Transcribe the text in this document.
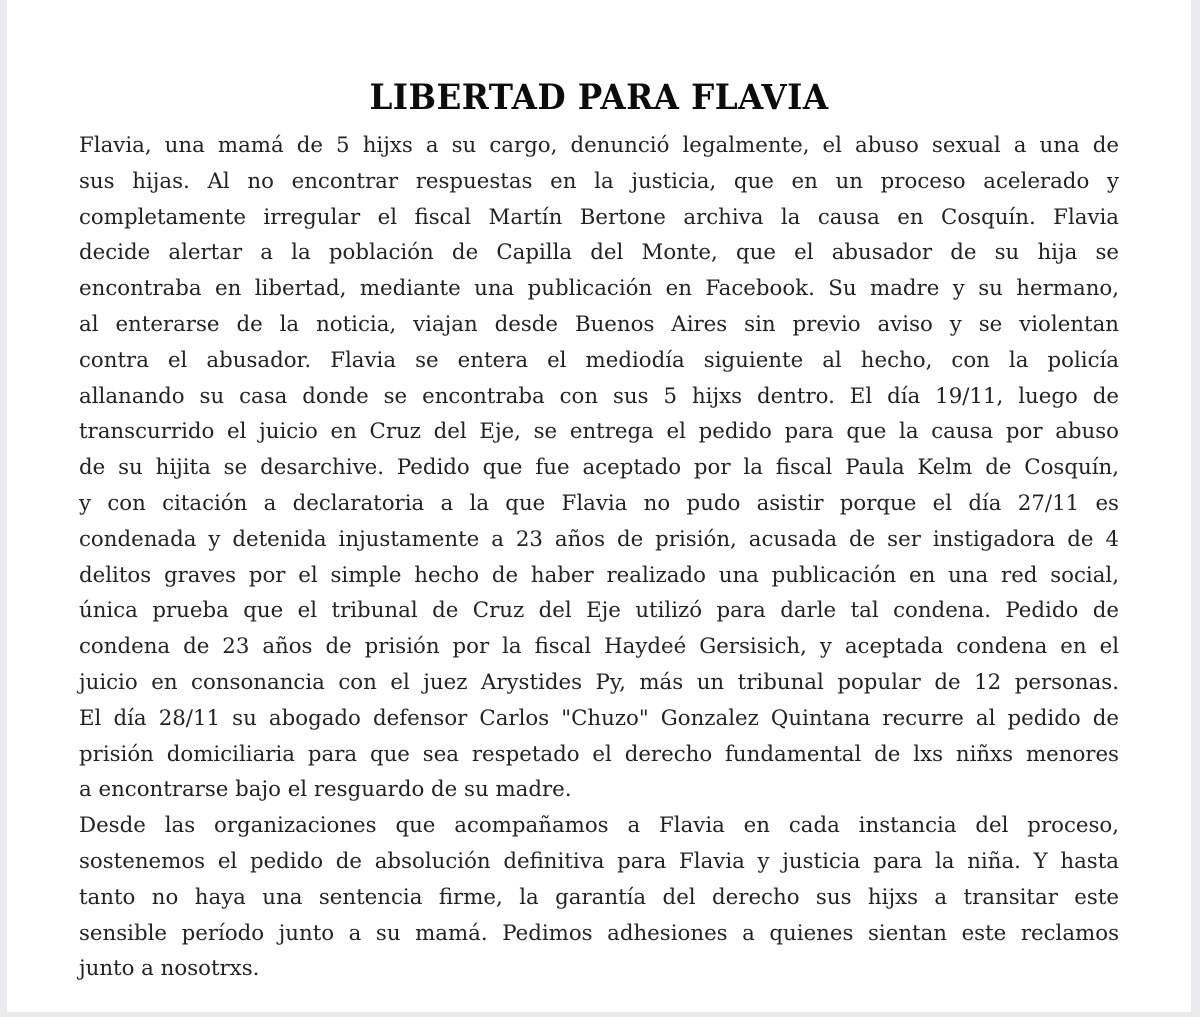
LIBERTAD PARA FLAVIA
Flavia, una mamá de 5 hijxs a su cargo, denunció legalmente, el abuso sexual a una de
sus hijas. Al no encontrar respuestas en la justicia, que en un proceso acelerado y
completamente irregular el fiscal Martín Bertone archiva la causa en Cosquín. Flavia
decide alertar a la población de Capilla del Monte, que el abusador de su hija se
encontraba en libertad, mediante una publicación en Facebook. Su madre y su hermano,
al enterarse de la noticia, viajan desde Buenos Aires sin previo aviso y se violentan
contra el abusador. Flavia se entera el mediodía siguiente al hecho, con la policía
allanando su casa donde se encontraba con sus 5 hijxs dentro. El día 19/11, luego de
transcurrido el juicio en Cruz del Eje, se entrega el pedido para que la causa por abuso
de su hijita se desarchive. Pedido que fue aceptado por la fiscal Paula Kelm de Cosquín,
y con citación a declaratoria a la que Flavia no pudo asistir porque el día 27/11 es
condenada y detenida injustamente a 23 años de prisión, acusada de ser instigadora de 4
delitos graves por el simple hecho de haber realizado una publicación en una red social,
única prueba que el tribunal de Cruz del Eje utilizó para darle tal condena. Pedido de
condena de 23 años de prisión por la fiscal Haydeé Gersisich, y aceptada condena en el
juicio en consonancia con el juez Arystides Py, más un tribunal popular de 12 personas.
El día 28/11 su abogado defensor Carlos "Chuzo" Gonzalez Quintana recurre al pedido de
prisión domiciliaria para que sea respetado el derecho fundamental de lxs niñxs menores
a encontrarse bajo el resguardo de su madre.
Desde las organizaciones que acompañamos a Flavia en cada instancia del proceso,
sostenemos el pedido de absolución definitiva para Flavia y justicia para la niña. Y hasta
tanto no haya una sentencia firme, la garantía del derecho sus hijxs a transitar este
sensible período junto a su mamá. Pedimos adhesiones a quienes sientan este reclamos
junto a nosotrxs.
